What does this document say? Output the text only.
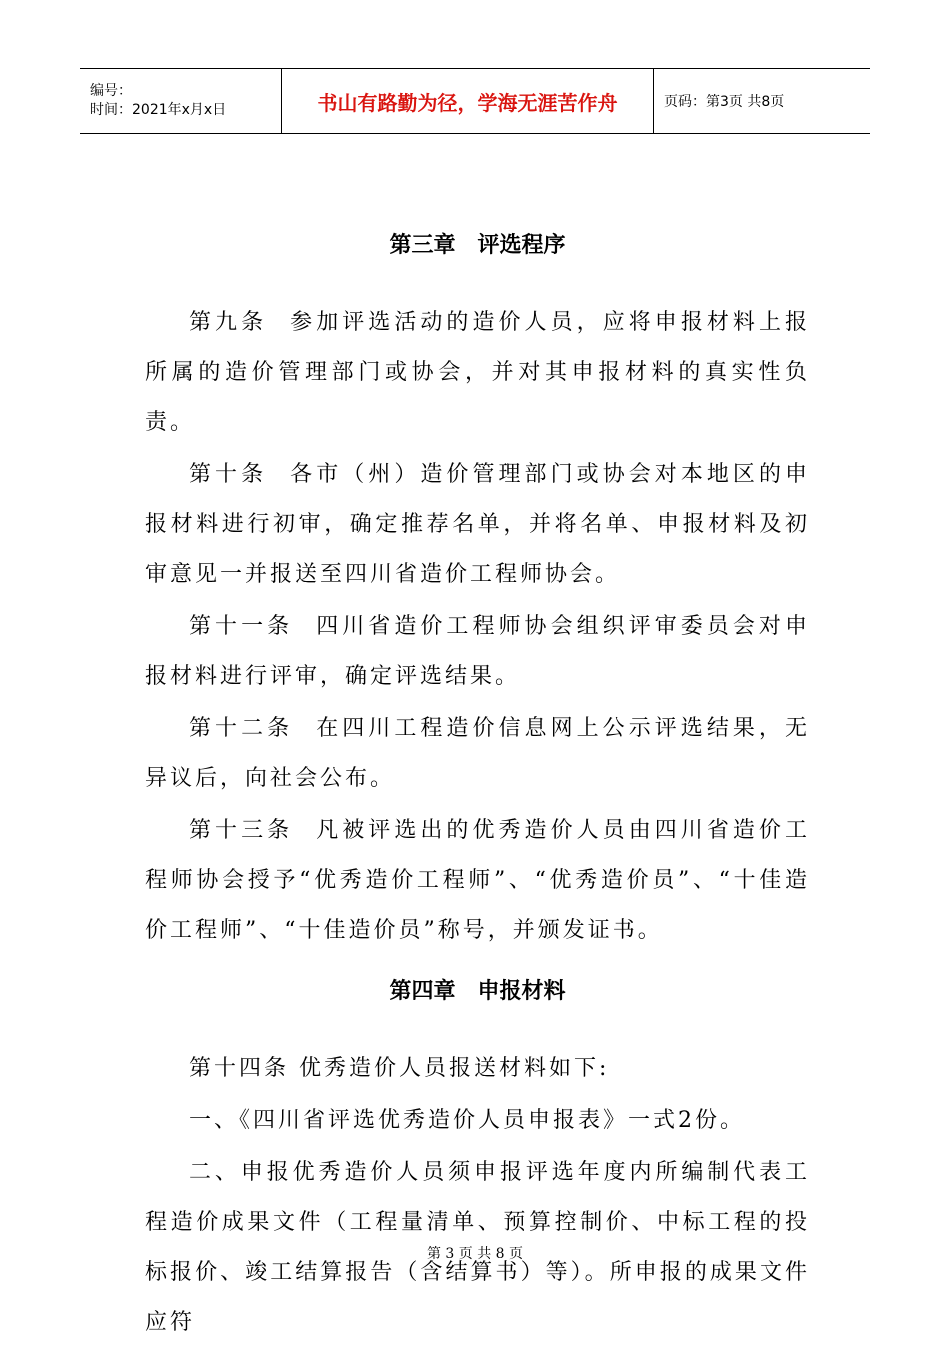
编号：
时间：2021年x月x日	书山有路勤为径，学海无涯苦作舟	页码：第3页 共8页
第三章 评选程序

第九条 参加评选活动的造价人员，应将申报材料上报所属的造价管理部门或协会，并对其申报材料的真实性负责。

第十条 各市（州）造价管理部门或协会对本地区的申报材料进行初审，确定推荐名单，并将名单、申报材料及初审意见一并报送至四川省造价工程师协会。

第十一条 四川省造价工程师协会组织评审委员会对申报材料进行评审，确定评选结果。

第十二条 在四川工程造价信息网上公示评选结果，无异议后，向社会公布。

第十三条 凡被评选出的优秀造价人员由四川省造价工程师协会授予“优秀造价工程师”、“优秀造价员”、“十佳造价工程师”、“十佳造价员”称号，并颁发证书。

第四章 申报材料

第十四条 优秀造价人员报送材料如下:

一、《四川省评选优秀造价人员申报表》一式2份。

二、申报优秀造价人员须申报评选年度内所编制代表工程造价成果文件（工程量清单、预算控制价、中标工程的投标报价、竣工结算报告（含结算书）等）。所申报的成果文件应符

第 3 页 共 8 页
